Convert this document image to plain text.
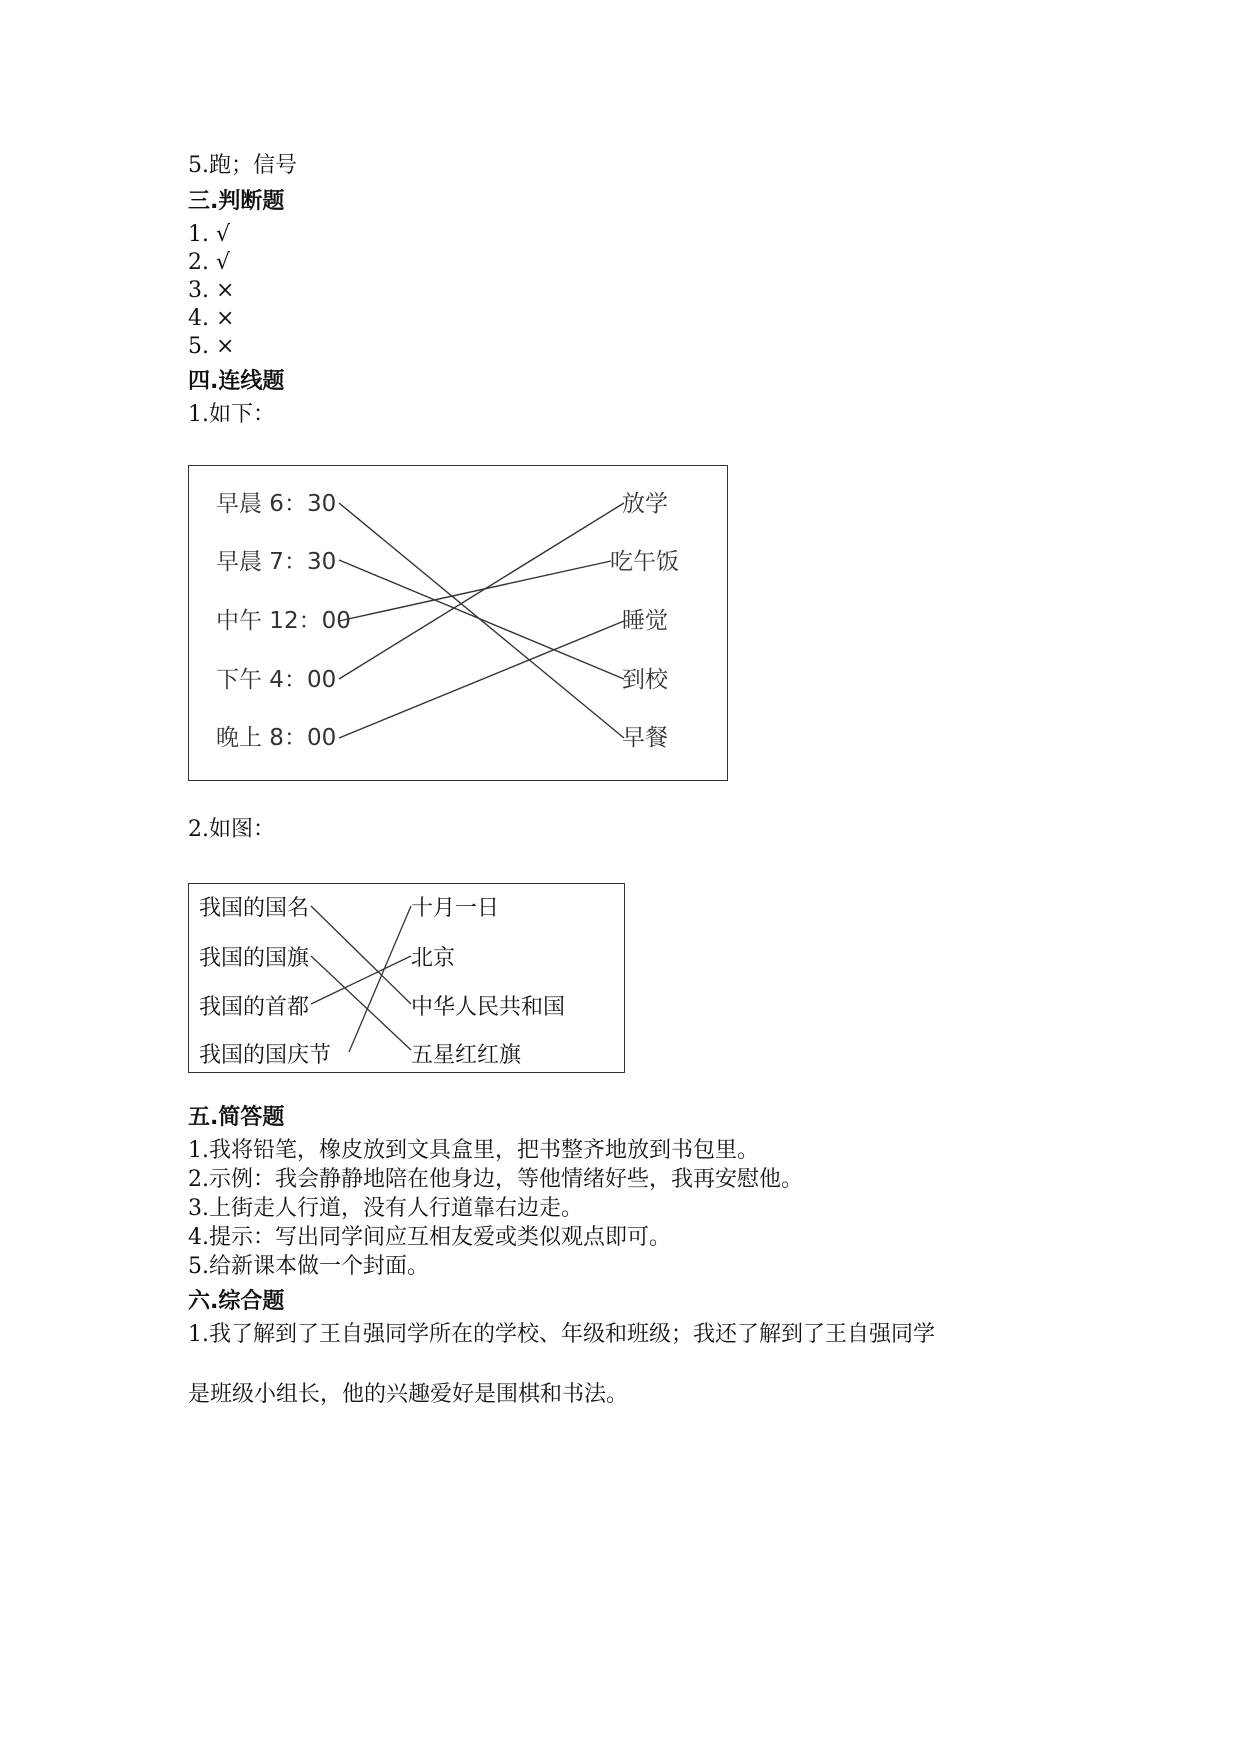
5.跑；信号
三.判断题
1. √
2. √
3. ×
4. ×
5. ×
四.连线题
1.如下：
早晨 6：30
早晨 7：30
中午 12：00
下午 4：00
晚上 8：00
放学
吃午饭
睡觉
到校
早餐
2.如图：
我国的国名
我国的国旗
我国的首都
我国的国庆节
十月一日
北京
中华人民共和国
五星红红旗
五.简答题
1.我将铅笔，橡皮放到文具盒里，把书整齐地放到书包里。
2.示例：我会静静地陪在他身边，等他情绪好些，我再安慰他。
3.上街走人行道，没有人行道靠右边走。
4.提示：写出同学间应互相友爱或类似观点即可。
5.给新课本做一个封面。
六.综合题
1.我了解到了王自强同学所在的学校、年级和班级；我还了解到了王自强同学
是班级小组长，他的兴趣爱好是围棋和书法。
